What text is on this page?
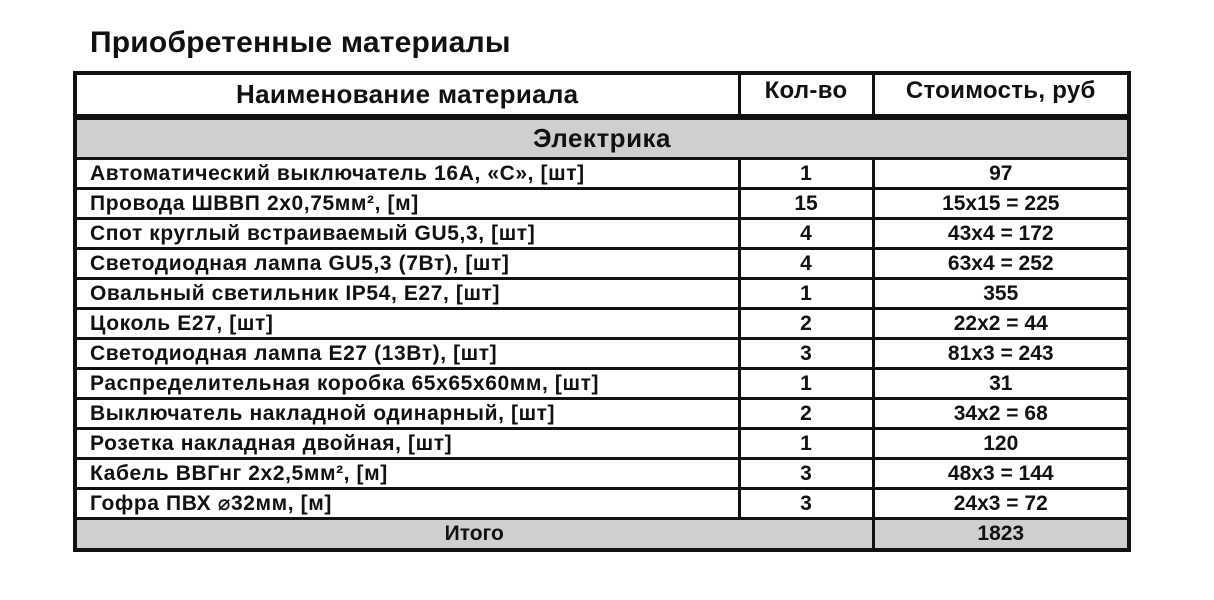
Приобретенные материалы
Наименование материала	Кол-во	Стоимость, руб
Электрика		
Автоматический выключатель 16А, «С», [шт]	1	97
Провода ШВВП 2х0,75мм², [м]	15	15х15 = 225
Спот круглый встраиваемый GU5,3, [шт]	4	43х4 = 172
Светодиодная лампа GU5,3 (7Вт), [шт]	4	63х4 = 252
Овальный светильник IP54, E27, [шт]	1	355
Цоколь Е27, [шт]	2	22х2 = 44
Светодиодная лампа Е27 (13Вт), [шт]	3	81х3 = 243
Распределительная коробка 65х65х60мм, [шт]	1	31
Выключатель накладной одинарный, [шт]	2	34х2 = 68
Розетка накладная двойная, [шт]	1	120
Кабель ВВГнг 2х2,5мм², [м]	3	48х3 = 144
Гофра ПВХ ⌀32мм, [м]	3	24х3 = 72
Итого		1823
